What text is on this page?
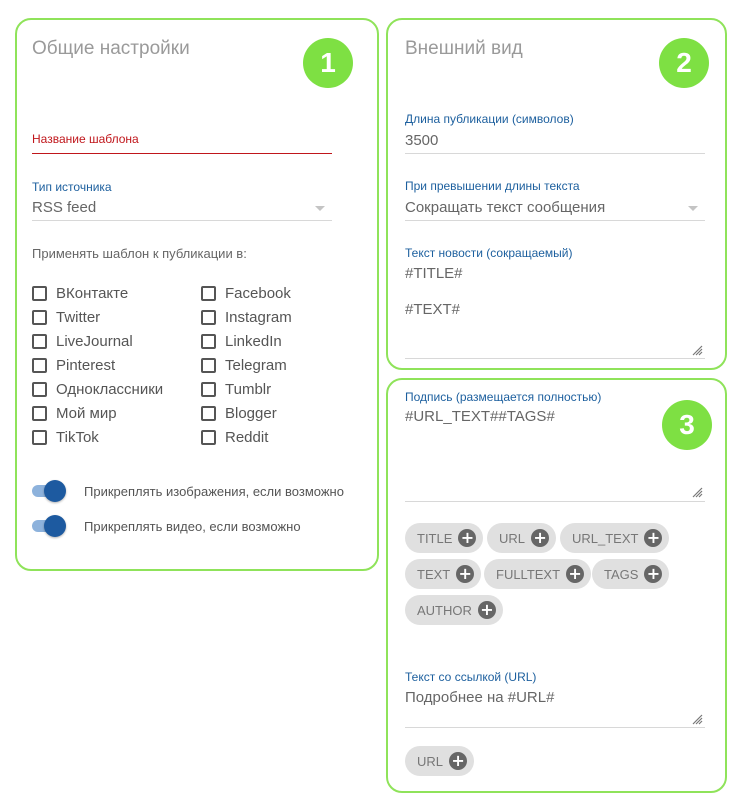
Общие настройки	1
Название шаблона
Тип источника
RSS feed
Применять шаблон к публикации в:
Прикреплять изображения, если возможно
Прикреплять видео, если возможно
ВКонтакте
Twitter
LiveJournal
Pinterest
Одноклассники
Мой мир
TikTok
Facebook
Instagram
LinkedIn
Telegram
Tumblr
Blogger
Reddit
Внешний вид	2
Длина публикации (символов)
3500
При превышении длины текста
Сокращать текст сообщения
Текст новости (сокращаемый)
#TITLE#
#TEXT#
Подпись (размещается полностью)
#URL_TEXT##TAGS#	3
Текст со ссылкой (URL)
Подробнее на #URL#
TITLE + URL + URL_TEXT +
TEXT + FULLTEXT + TAGS +
AUTHOR +
URL +
